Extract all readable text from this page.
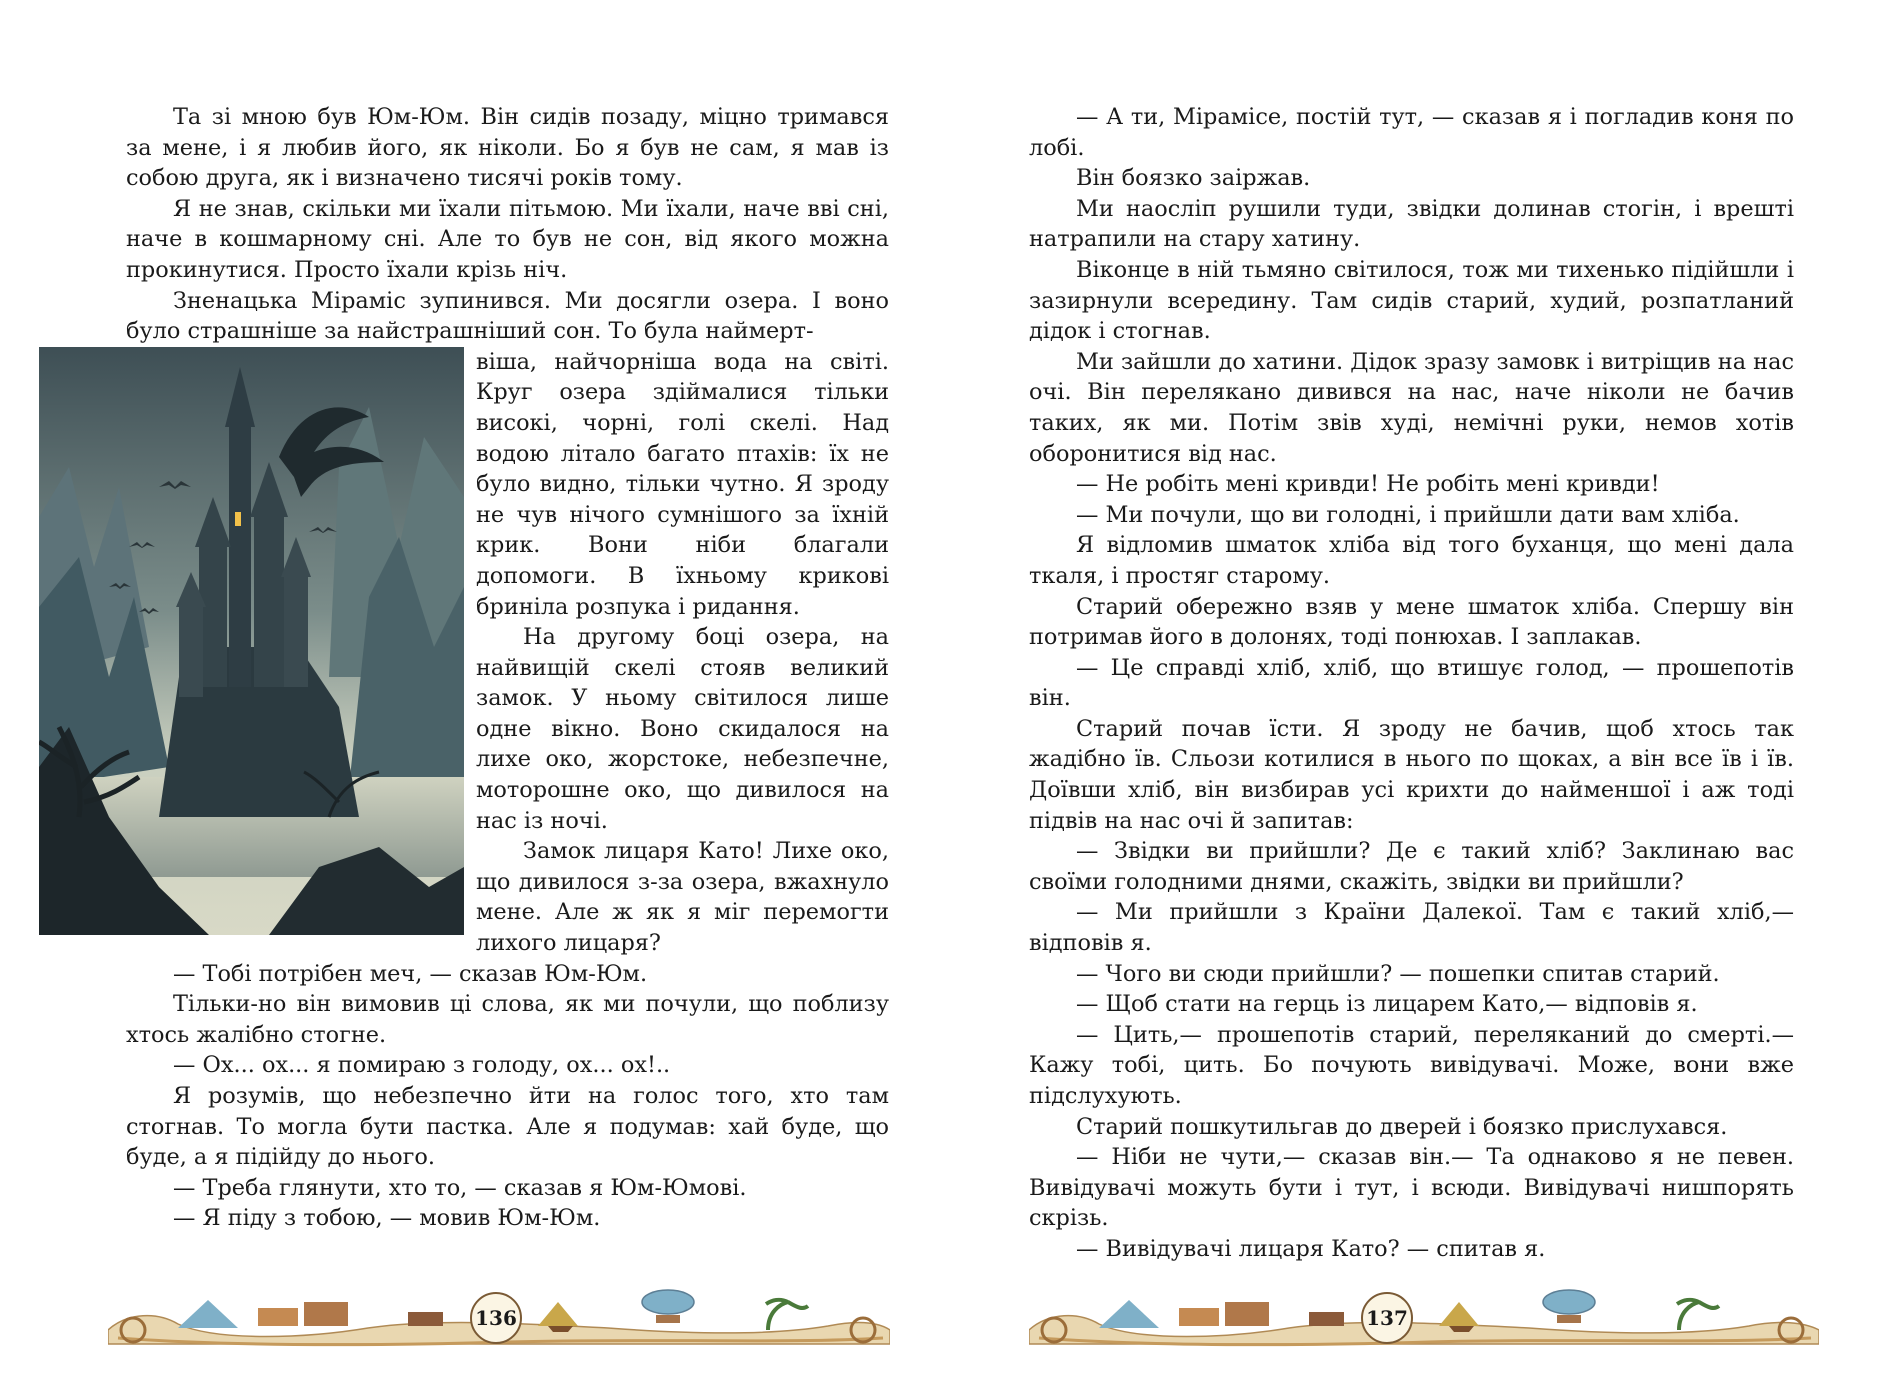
Та зі мною був Юм-Юм. Він сидів позаду, міцно тримався за мене, і я любив його, як ніколи. Бо я був не сам, я мав із собою друга, як і визначено тисячі років тому.

Я не знав, скільки ми їхали пітьмою. Ми їхали, наче вві сні, наче в кошмарному сні. Але то був не сон, від якого можна прокинутися. Просто їхали крізь ніч.

Зненацька Мірамiс зупинився. Ми досягли озера. І воно було страшніше за найстрашніший сон. То була наймерт-

віша, найчорніша вода на світі. Круг озера здіймалися тільки високі, чорні, голі скелі. Над водою літало багато птахів: їх не було видно, тільки чутно. Я зроду не чув нічого сумнішого за їхній крик. Вони ніби благали допомоги. В їхньому крикові бриніла розпука і ридання.

На другому боці озера, на найвищій скелі стояв великий замок. У ньому світилося лише одне вікно. Воно скидалося на лихе око, жорстоке, небезпечне, моторошне око, що дивилося на нас із ночі.

Замок лицаря Като! Лихе око, що дивилося з-за озера, вжахнуло мене. Але ж як я міг перемогти лихого лицаря?

— Тобі потрібен меч, — сказав Юм-Юм.

Тільки-но він вимовив ці слова, як ми почули, що поблизу хтось жалібно стогне.

— Ох... ох... я помираю з голоду, ох... ох!..

Я розумів, що небезпечно йти на голос того, хто там стогнав. То могла бути пастка. Але я подумав: хай буде, що буде, а я підійду до нього.

— Треба глянути, хто то, — сказав я Юм-Юмові.

— Я піду з тобою, — мовив Юм-Юм.

136

— А ти, Мірамісе, постій тут, — сказав я і погладив коня по лобі.

Він боязко заіржав.

Ми наосліп рушили туди, звідки долинав стогін, і врешті натрапили на стару хатину.

Віконце в ній тьмяно світилося, тож ми тихенько підійшли і зазирнули всередину. Там сидів старий, худий, розпатланий дідок і стогнав.

Ми зайшли до хатини. Дідок зразу замовк і витріщив на нас очі. Він перелякано дивився на нас, наче ніколи не бачив таких, як ми. Потім звів худі, немічні руки, немов хотів оборонитися від нас.

— Не робіть мені кривди! Не робіть мені кривди!

— Ми почули, що ви голодні, і прийшли дати вам хліба.

Я відломив шматок хліба від того буханця, що мені дала ткаля, і простяг старому.

Старий обережно взяв у мене шматок хліба. Спершу він потримав його в долонях, тоді понюхав. І заплакав.

— Це справді хліб, хліб, що втишує голод, — прошепотів він.

Старий почав їсти. Я зроду не бачив, щоб хтось так жадібно їв. Сльози котилися в нього по щоках, а він все їв і їв. Доївши хліб, він визбирав усі крихти до найменшої і аж тоді підвів на нас очі й запитав:

— Звідки ви прийшли? Де є такий хліб? Заклинаю вас своїми голодними днями, скажіть, звідки ви прийшли?

— Ми прийшли з Країни Далекої. Там є такий хліб,— відповів я.

— Чого ви сюди прийшли? — пошепки спитав старий.

— Щоб стати на герць із лицарем Като,— відповів я.

— Цить,— прошепотів старий, переляканий до смерті.— Кажу тобі, цить. Бо почують вивідувачі. Може, вони вже підслухують.

Старий пошкутильгав до дверей і боязко прислухався.

— Ніби не чути,— сказав він.— Та однаково я не певен. Вивідувачі можуть бути і тут, і всюди. Вивідувачі нишпорять скрізь.

— Вивідувачі лицаря Като? — спитав я.

137
